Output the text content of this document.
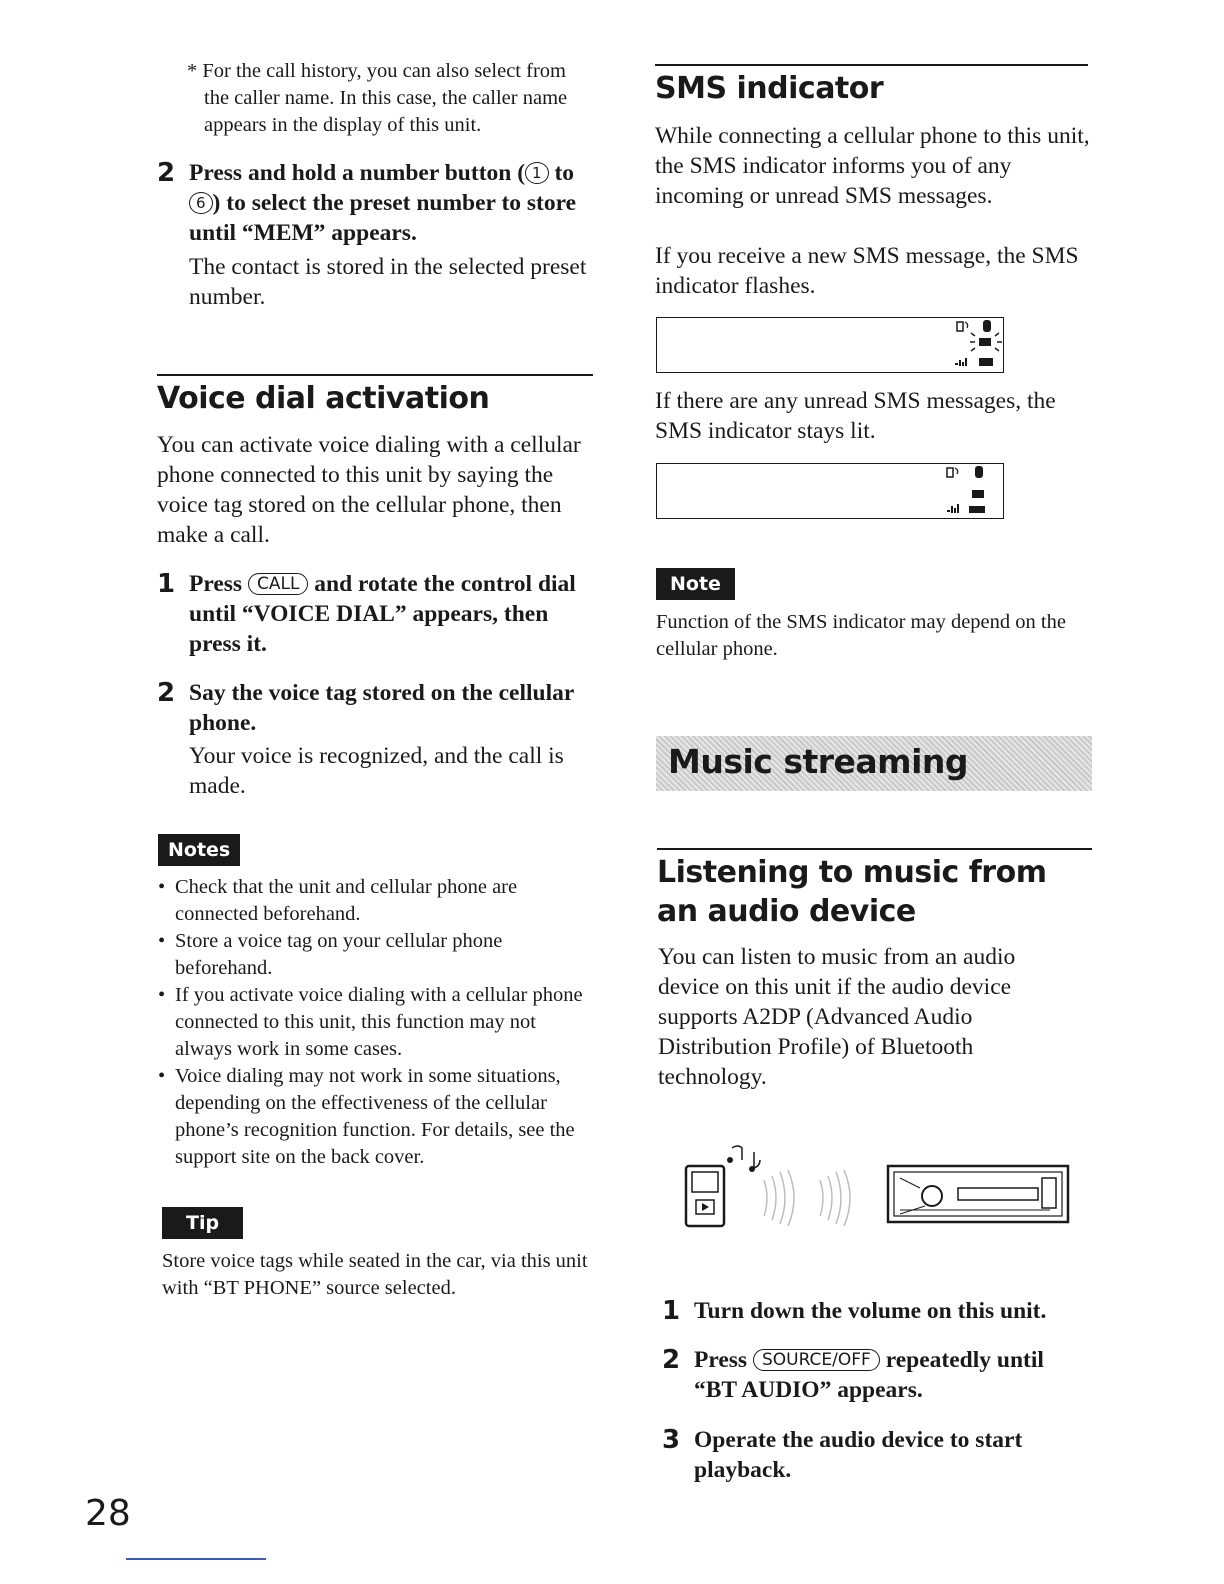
* For the call history, you can also select from the caller name. In this case, the caller name appears in the display of this unit.

2 Press and hold a number button ( 1 to 6 ) to select the preset number to store until “MEM” appears.

The contact is stored in the selected preset number.

Voice dial activation

You can activate voice dialing with a cellular phone connected to this unit by saying the voice tag stored on the cellular phone, then make a call.

1 Press CALL and rotate the control dial until “VOICE DIAL” appears, then press it.

2 Say the voice tag stored on the cellular phone.

Your voice is recognized, and the call is made.

Notes
• Check that the unit and cellular phone are connected beforehand.
• Store a voice tag on your cellular phone beforehand.
• If you activate voice dialing with a cellular phone connected to this unit, this function may not always work in some cases.
• Voice dialing may not work in some situations, depending on the effectiveness of the cellular phone’s recognition function. For details, see the support site on the back cover.
Tip

Store voice tags while seated in the car, via this unit with “BT PHONE” source selected.

28
SMS indicator

While connecting a cellular phone to this unit, the SMS indicator informs you of any incoming or unread SMS messages.

If you receive a new SMS message, the SMS indicator flashes.

If there are any unread SMS messages, the SMS indicator stays lit.

Note

Function of the SMS indicator may depend on the cellular phone.

Music streaming
Listening to music from an audio device

You can listen to music from an audio device on this unit if the audio device supports A2DP (Advanced Audio Distribution Profile) of Bluetooth technology.

1 Turn down the volume on this unit.

2 Press SOURCE/OFF repeatedly until “BT AUDIO” appears.

3 Operate the audio device to start playback.
